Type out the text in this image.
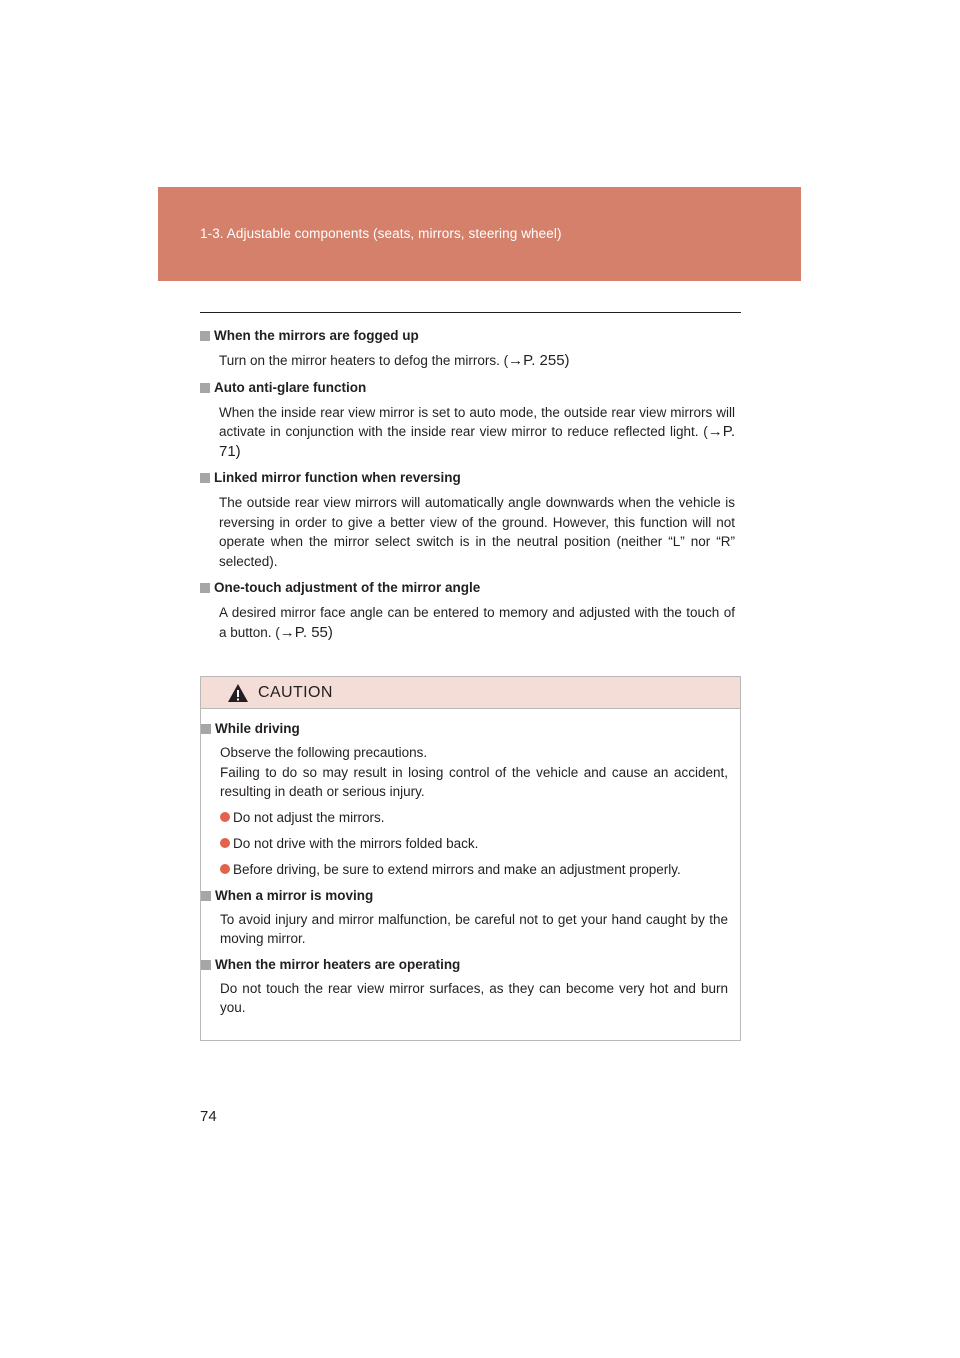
1-3. Adjustable components (seats, mirrors, steering wheel)
When the mirrors are fogged up
Turn on the mirror heaters to defog the mirrors. (→P. 255)
Auto anti-glare function
When the inside rear view mirror is set to auto mode, the outside rear view mirrors will activate in conjunction with the inside rear view mirror to reduce reflected light. (→P. 71)
Linked mirror function when reversing
The outside rear view mirrors will automatically angle downwards when the vehicle is reversing in order to give a better view of the ground. However, this function will not operate when the mirror select switch is in the neutral position (neither “L” nor “R” selected).
One-touch adjustment of the mirror angle
A desired mirror face angle can be entered to memory and adjusted with the touch of a button. (→P. 55)
CAUTION
While driving
Observe the following precautions.
Failing to do so may result in losing control of the vehicle and cause an accident, resulting in death or serious injury.
Do not adjust the mirrors.
Do not drive with the mirrors folded back.
Before driving, be sure to extend mirrors and make an adjustment properly.
When a mirror is moving
To avoid injury and mirror malfunction, be careful not to get your hand caught by the moving mirror.
When the mirror heaters are operating
Do not touch the rear view mirror surfaces, as they can become very hot and burn you.
74
